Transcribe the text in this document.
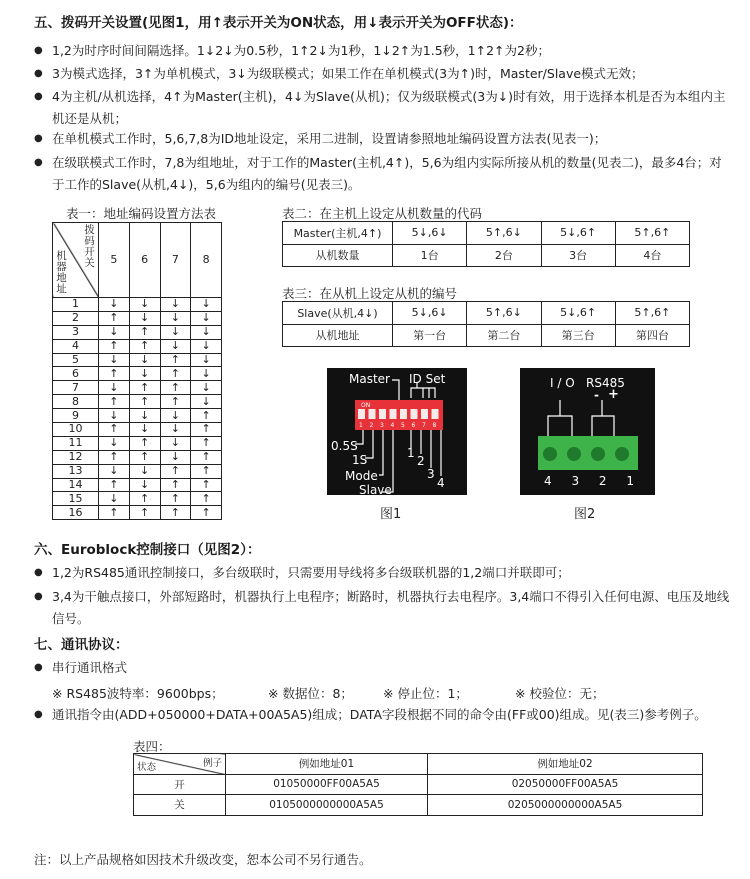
五、拨码开关设置(见图1，用↑表示开关为ON状态，用↓表示开关为OFF状态)：
● 1,2为时序时间间隔选择。1↓2↓为0.5秒，1↑2↓为1秒，1↓2↑为1.5秒，1↑2↑为2秒；
● 3为模式选择，3↑为单机模式，3↓为级联模式；如果工作在单机模式(3为↑)时，Master/Slave模式无效；
● 4为主机/从机选择，4↑为Master(主机)，4↓为Slave(从机)；仅为级联模式(3为↓)时有效，用于选择本机是否为本组内主机还是从机；
● 在单机模式工作时，5,6,7,8为ID地址设定，采用二进制，设置请参照地址编码设置方法表(见表一)；
● 在级联模式工作时，7,8为组地址，对于工作的Master(主机,4↑)，5,6为组内实际所接从机的数量(见表二)，最多4台；对于工作的Slave(从机,4↓)，5,6为组内的编号(见表三)。
表一：地址编码设置方法表
拨码开关
机器地址	5	6	7	8
1	↓	↓	↓	↓
2	↑	↓	↓	↓
3	↓	↑	↓	↓
4	↑	↑	↓	↓
5	↓	↓	↑	↓
6	↑	↓	↑	↓
7	↓	↑	↑	↓
8	↑	↑	↑	↓
9	↓	↓	↓	↑
10	↑	↓	↓	↑
11	↓	↑	↓	↑
12	↑	↑	↓	↑
13	↓	↓	↑	↑
14	↑	↓	↑	↑
15	↓	↑	↑	↑
16	↑	↑	↑	↑
表二：在主机上设定从机数量的代码
Master(主机,4↑)	5↓,6↓	5↑,6↓	5↓,6↑	5↑,6↑
从机数量	1台	2台	3台	4台
表三：在从机上设定从机的编号
Slave(从机,4↓)	5↓,6↓	5↑,6↓	5↓,6↑	5↑,6↑
从机地址	第一台	第二台	第三台	第四台
1 2 3 4 5 6 7 8
Master ID Set
ON
0.5S
1S
Mode
Slave
1
2
3
4
图1
I / O RS485
- +
4 3 2 1
图2
六、Euroblock控制接口（见图2）：
● 1,2为RS485通讯控制接口，多台级联时，只需要用导线将多台级联机器的1,2端口并联即可；
● 3,4为干触点接口，外部短路时，机器执行上电程序；断路时，机器执行去电程序。3,4端口不得引入任何电源、电压及地线信号。
七、通讯协议：
● 串行通讯格式
※ RS485波特率：9600bps；	※ 数据位：8； ※ 停止位：1；	※ 校验位：无；
● 通讯指令由(ADD+050000+DATA+00A5A5)组成；DATA字段根据不同的命令由(FF或00)组成。见(表三)参考例子。
表四：
例子
状态	例如地址01	例如地址02
开	01050000FF00A5A5	02050000FF00A5A5
关	0105000000000A5A5	0205000000000A5A5
注：以上产品规格如因技术升级改变，恕本公司不另行通告。
